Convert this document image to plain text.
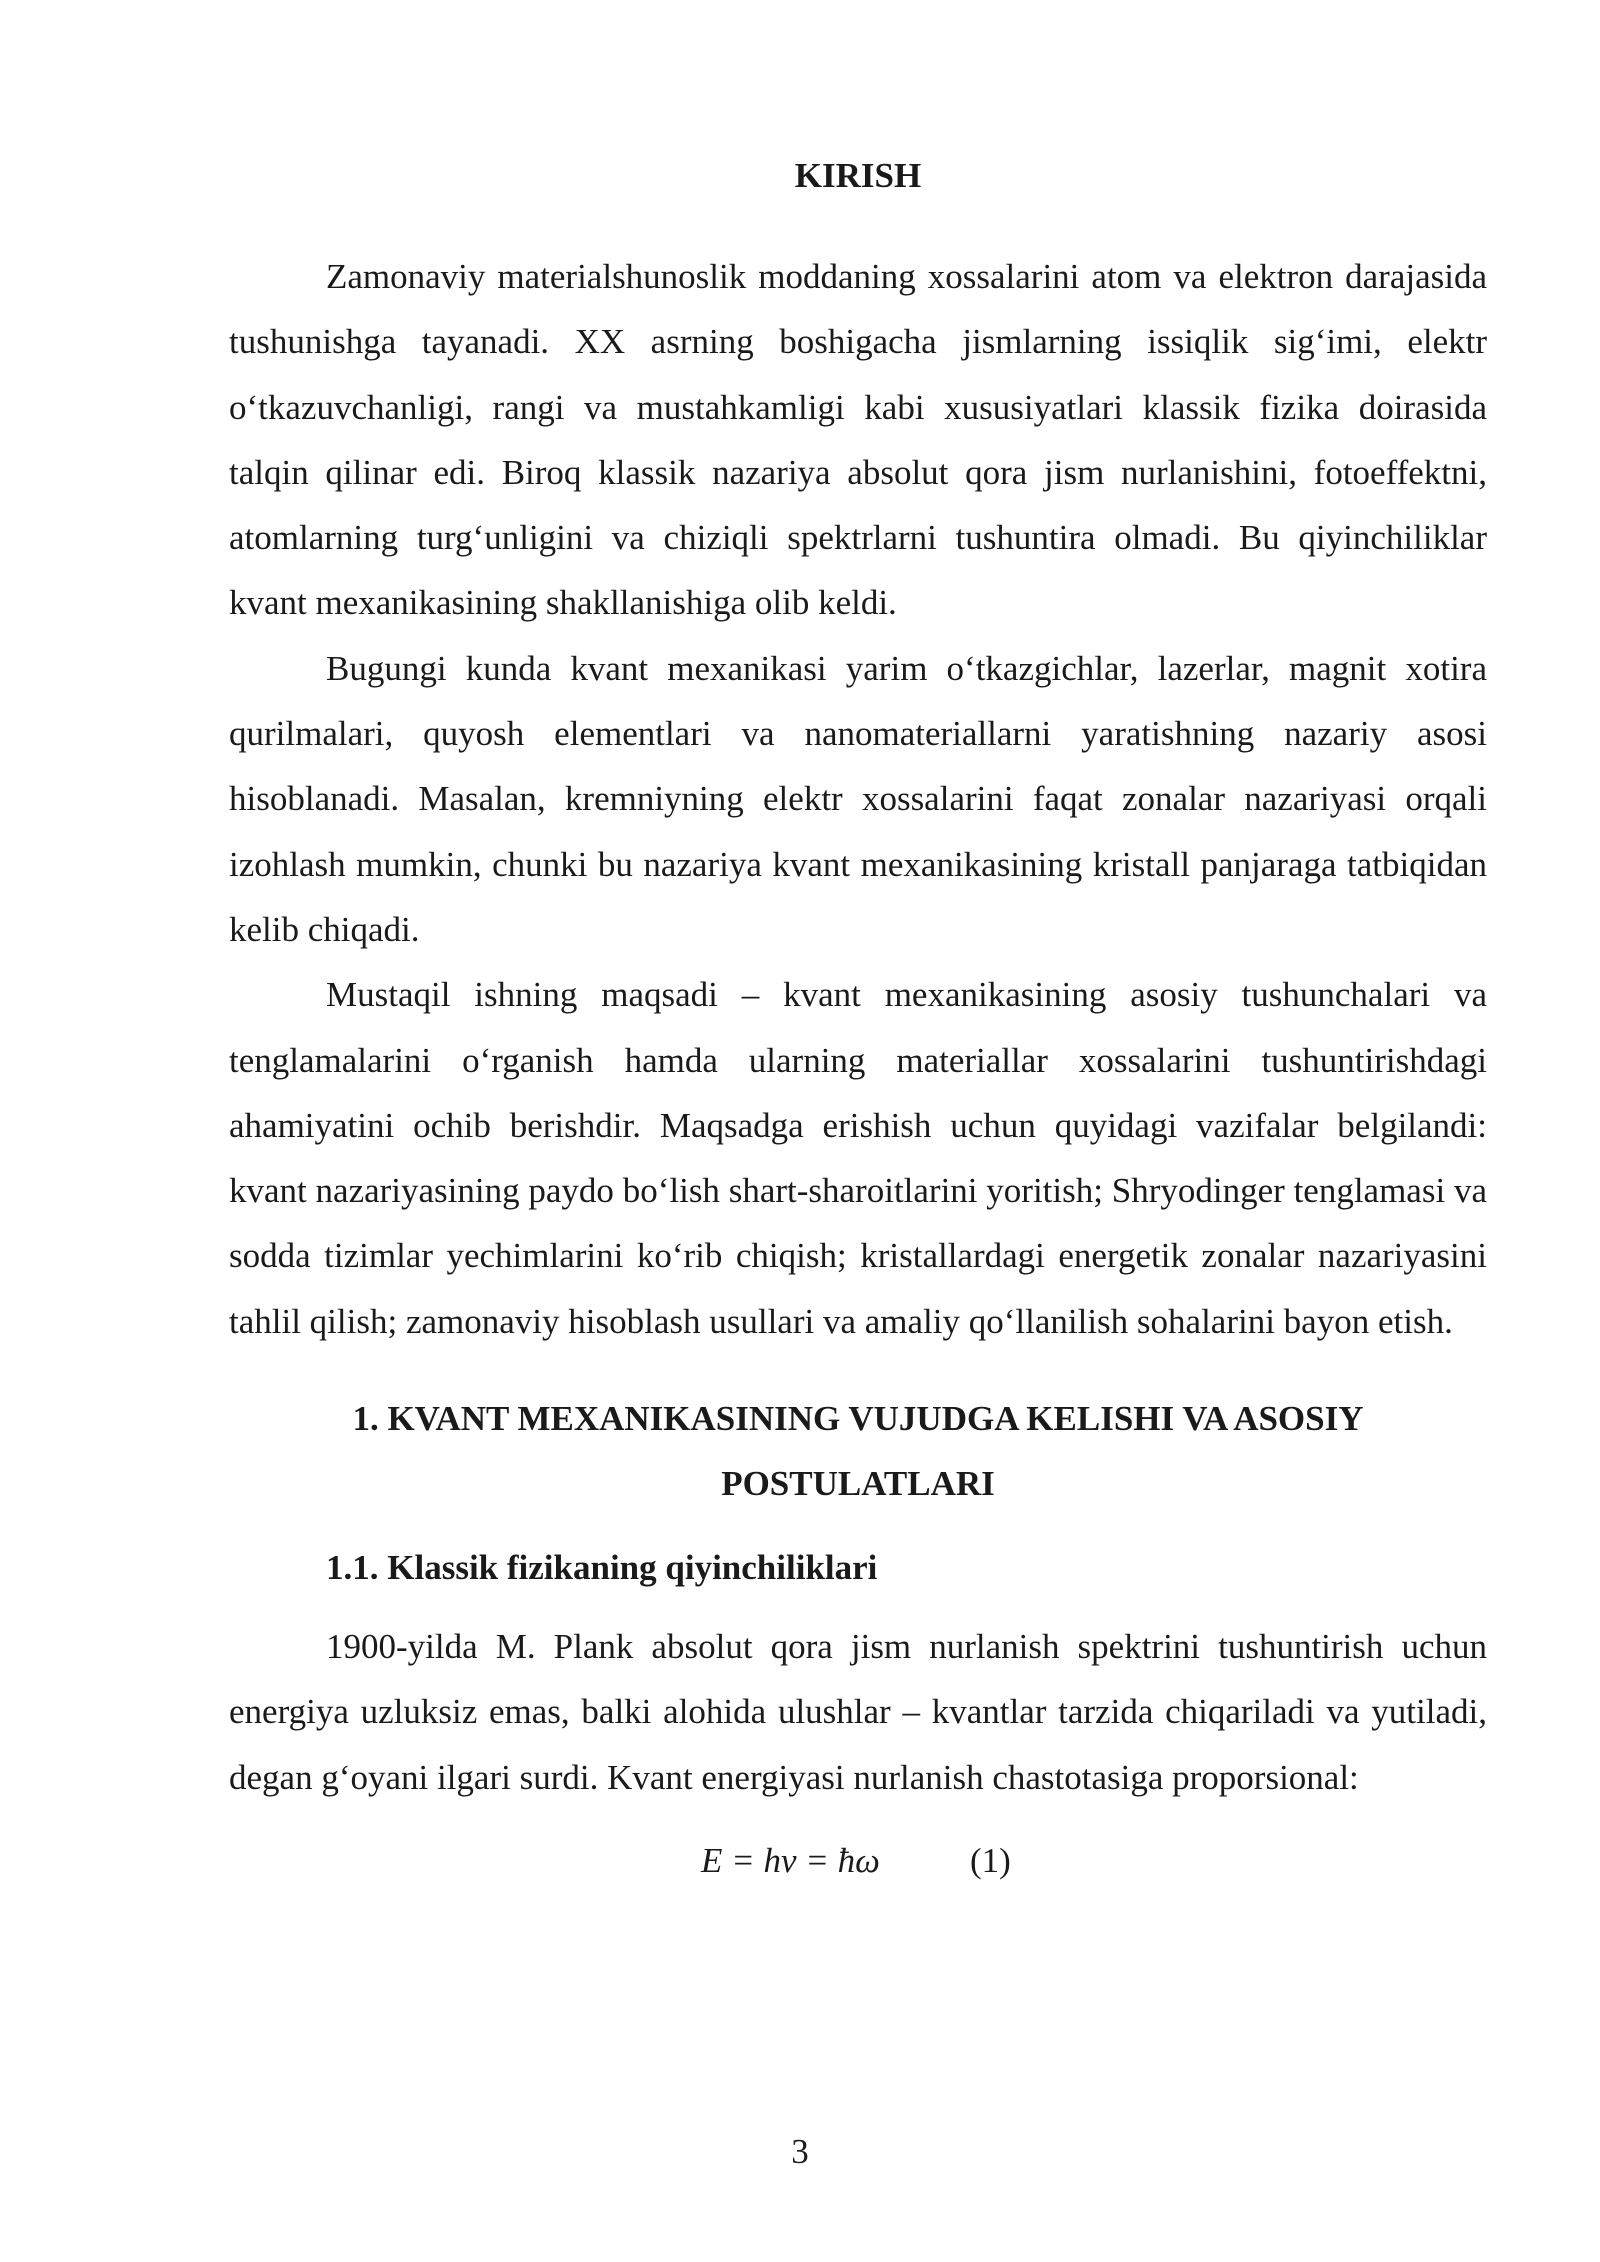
KIRISH

Zamonaviy materialshunoslik moddaning xossalarini atom va elektron darajasida tushunishga tayanadi. XX asrning boshigacha jismlarning issiqlik sig‘imi, elektr o‘tkazuvchanligi, rangi va mustahkamligi kabi xususiyatlari klassik fizika doirasida talqin qilinar edi. Biroq klassik nazariya absolut qora jism nurlanishini, fotoeffektni, atomlarning turg‘unligini va chiziqli spektrlarni tushuntira olmadi. Bu qiyinchiliklar kvant mexanikasining shakllanishiga olib keldi.

Bugungi kunda kvant mexanikasi yarim o‘tkazgichlar, lazerlar, magnit xotira qurilmalari, quyosh elementlari va nanomateriallarni yaratishning nazariy asosi hisoblanadi. Masalan, kremniyning elektr xossalarini faqat zonalar nazariyasi orqali izohlash mumkin, chunki bu nazariya kvant mexanikasining kristall panjaraga tatbiqidan kelib chiqadi.

Mustaqil ishning maqsadi – kvant mexanikasining asosiy tushunchalari va tenglamalarini o‘rganish hamda ularning materiallar xossalarini tushuntirishdagi ahamiyatini ochib berishdir. Maqsadga erishish uchun quyidagi vazifalar belgilandi: kvant nazariyasining paydo bo‘lish shart-sharoitlarini yoritish; Shryodinger tenglamasi va sodda tizimlar yechimlarini ko‘rib chiqish; kristallardagi energetik zonalar nazariyasini tahlil qilish; zamonaviy hisoblash usullari va amaliy qo‘llanilish sohalarini bayon etish.

1. KVANT MEXANIKASINING VUJUDGA KELISHI VA ASOSIY
POSTULATLARI
1.1. Klassik fizikaning qiyinchiliklari

1900-yilda M. Plank absolut qora jism nurlanish spektrini tushuntirish uchun energiya uzluksiz emas, balki alohida ulushlar – kvantlar tarzida chiqariladi va yutiladi, degan g‘oyani ilgari surdi. Kvant energiyasi nurlanish chastotasiga proporsional:

E = hν = ħω	(1)
3
